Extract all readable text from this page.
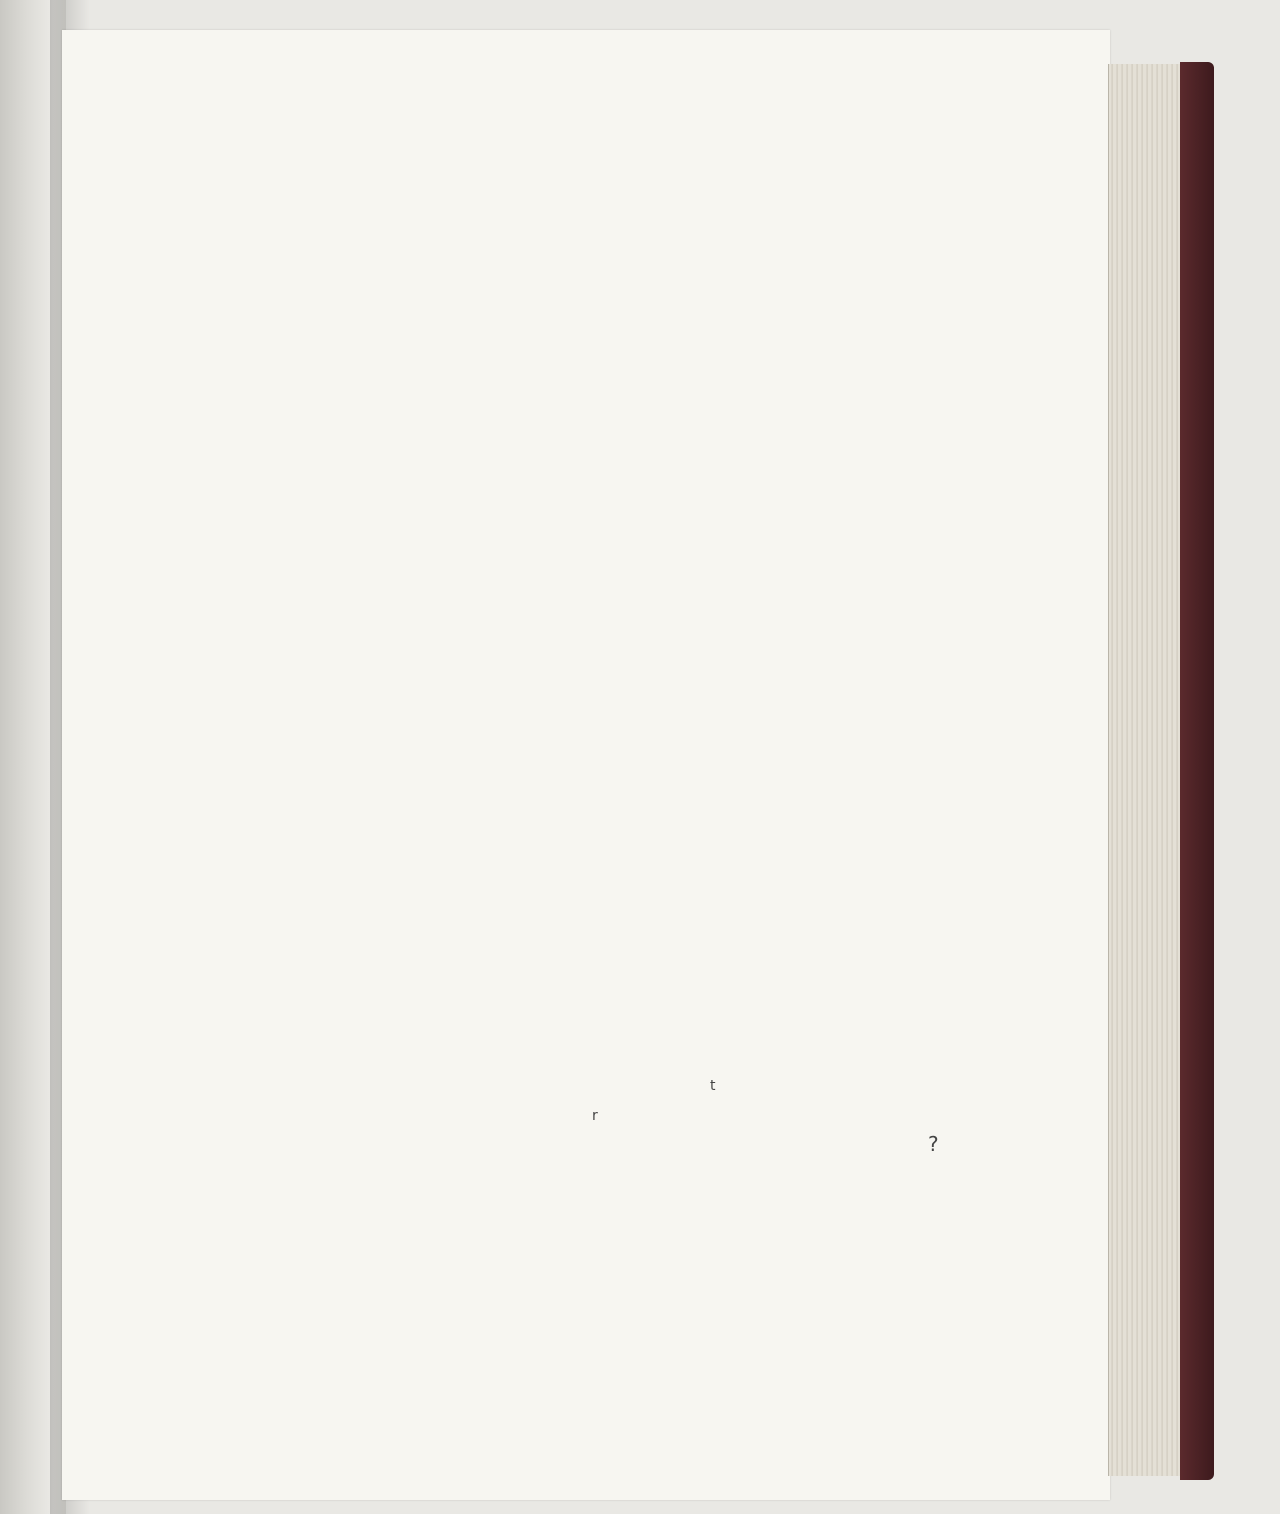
r
t
?
